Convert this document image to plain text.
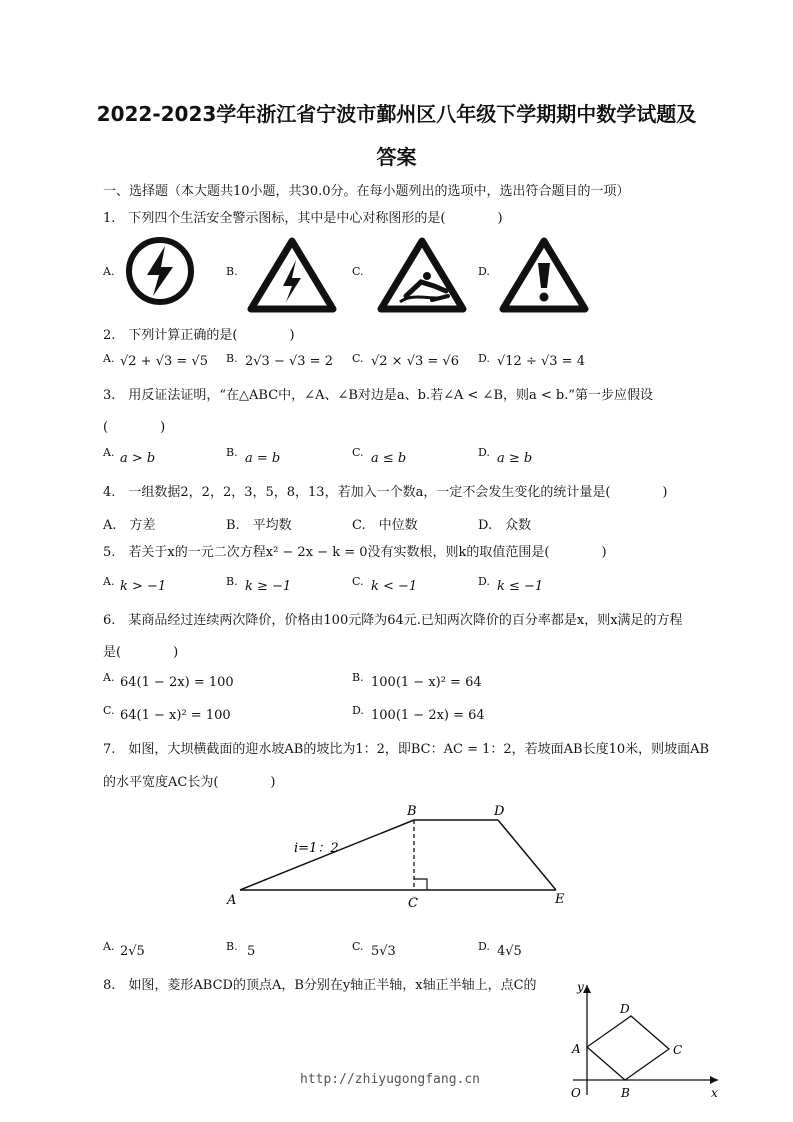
2022-2023学年浙江省宁波市鄞州区八年级下学期期中数学试题及
答案
一、选择题（本大题共10小题，共30.0分。在每小题列出的选项中，选出符合题目的一项）
1.　下列四个生活安全警示图标，其中是中心对称图形的是(　　　　)
A.	B.	C.	D.
2.　下列计算正确的是(　　　　)
A. √2 + √3 = √5 B. 2√3 − √3 = 2 C. √2 × √3 = √6 D. √12 ÷ √3 = 4
3.　用反证法证明，“在△ABC中，∠A、∠B对边是a、b.若∠A < ∠B，则a < b.”第一步应假设
(　　　　)
A. a > b	B. a = b	C. a ≤ b	D. a ≥ b
4.　一组数据2，2，2，3，5，8，13，若加入一个数a，一定不会发生变化的统计量是(　　　　)
A.　方差	B.　平均数	C.　中位数	D.　众数
5.　若关于x的一元二次方程x² − 2x − k = 0没有实数根，则k的取值范围是(　　　　)
A. k > −1	B. k ≥ −1	C. k < −1	D. k ≤ −1
6.　某商品经过连续两次降价，价格由100元降为64元.已知两次降价的百分率都是x，则x满足的方程
是(　　　　)
A. 64(1 − 2x) = 100	B. 100(1 − x)² = 64
C. 64(1 − x)² = 100	D. 100(1 − 2x) = 64
7.　如图，大坝横截面的迎水坡AB的坡比为1：2，即BC：AC = 1：2，若坡面AB长度10米，则坡面AB
的水平宽度AC长为(　　　　)
A
B
C
D
E
i=1：2
A. 2√5	B. 5	C. 5√3	D. 4√5
8.　如图，菱形ABCD的顶点A，B分别在y轴正半轴，x轴正半轴上，点C的	y
x
O
A
B
C
D
http://zhiyugongfang.cn
